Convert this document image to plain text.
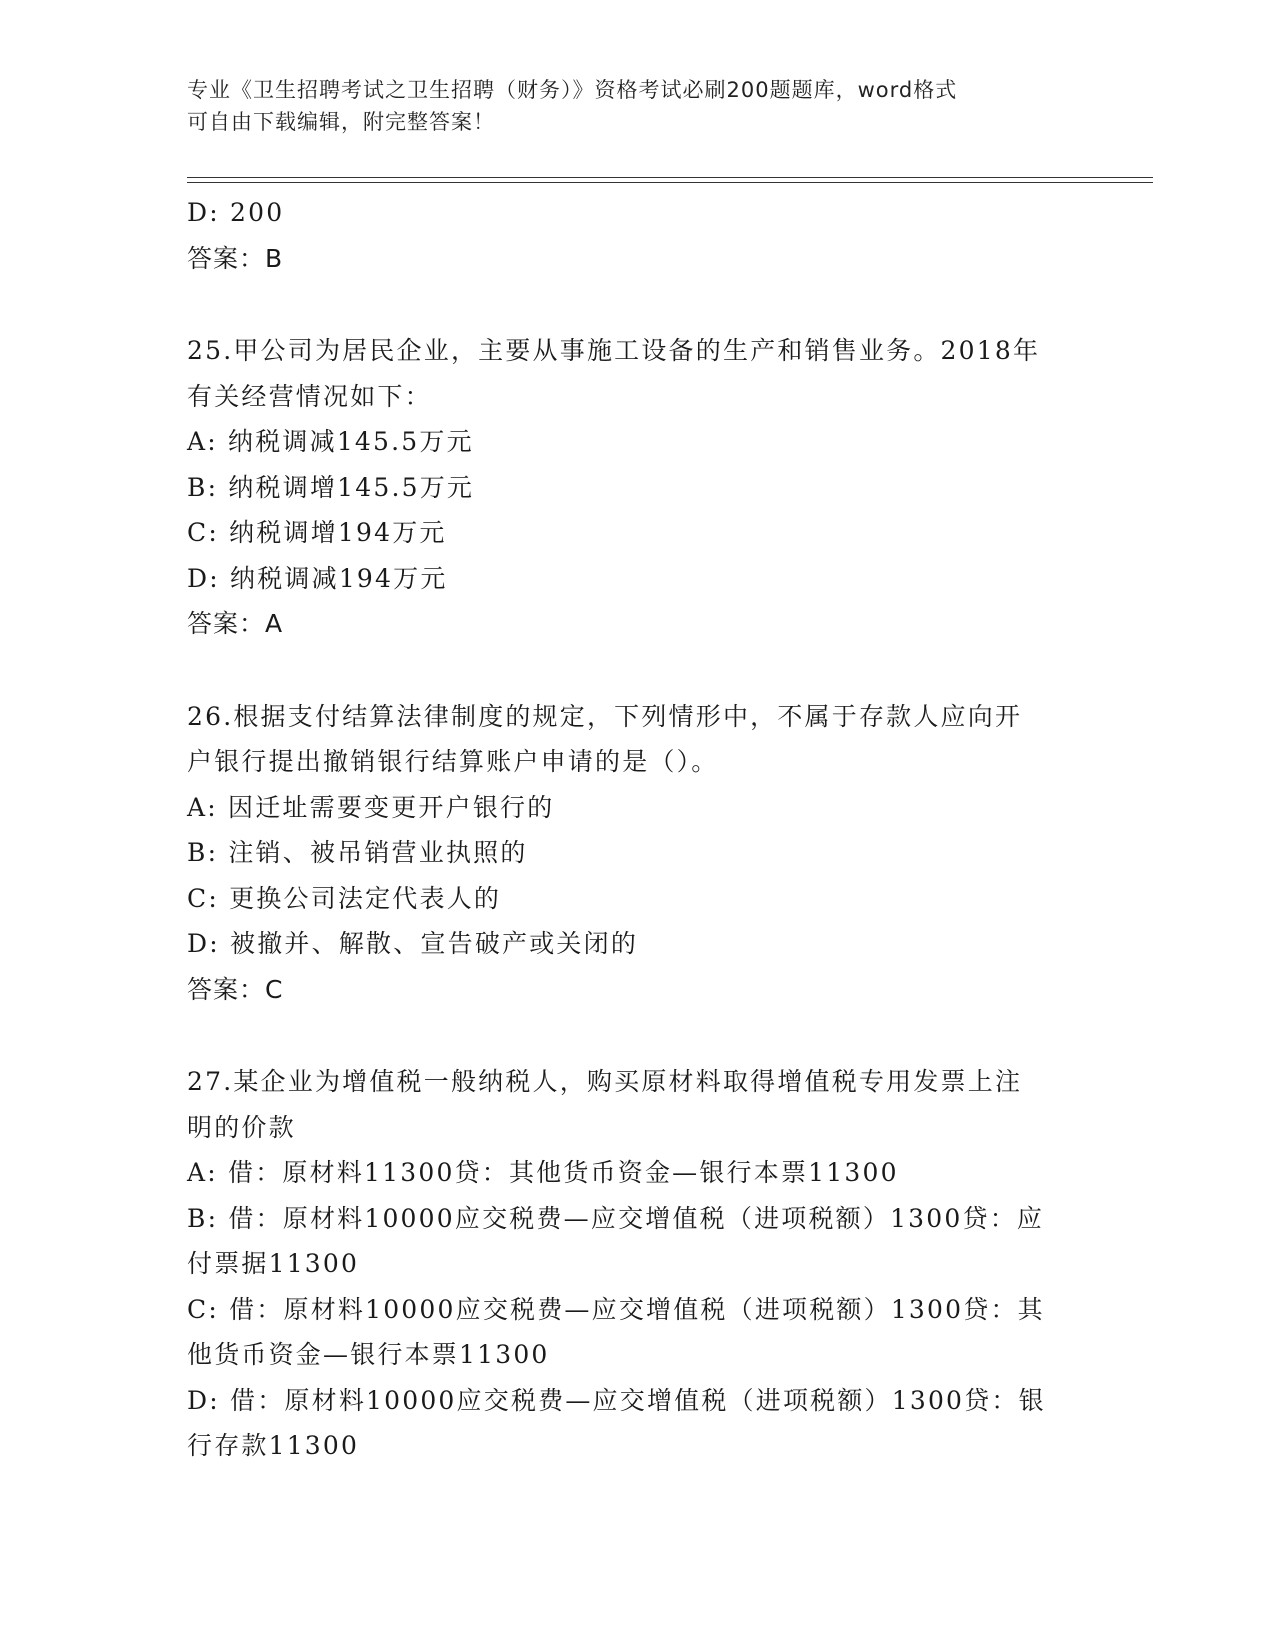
专业《卫生招聘考试之卫生招聘（财务）》资格考试必刷200题题库，word格式
可自由下载编辑，附完整答案！

D: 200

答案：B

25.甲公司为居民企业，主要从事施工设备的生产和销售业务。2018年

有关经营情况如下：

A: 纳税调减145.5万元

B: 纳税调增145.5万元

C: 纳税调增194万元

D: 纳税调减194万元

答案：A

26.根据支付结算法律制度的规定，下列情形中，不属于存款人应向开

户银行提出撤销银行结算账户申请的是（）。

A: 因迁址需要变更开户银行的

B: 注销、被吊销营业执照的

C: 更换公司法定代表人的

D: 被撤并、解散、宣告破产或关闭的

答案：C

27.某企业为增值税一般纳税人，购买原材料取得增值税专用发票上注

明的价款

A: 借：原材料11300贷：其他货币资金—银行本票11300

B: 借：原材料10000应交税费—应交增值税（进项税额）1300贷：应

付票据11300

C: 借：原材料10000应交税费—应交增值税（进项税额）1300贷：其

他货币资金—银行本票11300

D: 借：原材料10000应交税费—应交增值税（进项税额）1300贷：银

行存款11300
